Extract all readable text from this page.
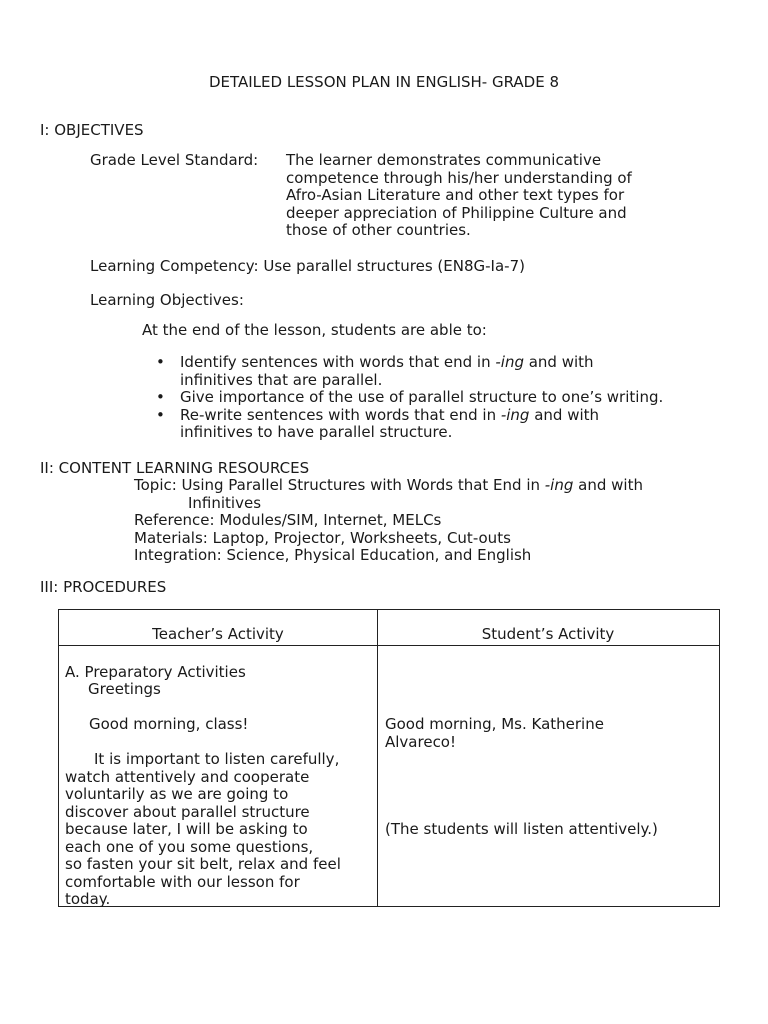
DETAILED LESSON PLAN IN ENGLISH- GRADE 8
I: OBJECTIVES
Grade Level Standard: The learner demonstrates communicative
competence through his/her understanding of
Afro-Asian Literature and other text types for
deeper appreciation of Philippine Culture and
those of other countries.
Learning Competency: Use parallel structures (EN8G-Ia-7)
Learning Objectives:
At the end of the lesson, students are able to:
• Identify sentences with words that end in -ing and with
infinitives that are parallel.
• Give importance of the use of parallel structure to one’s writing.
• Re-write sentences with words that end in -ing and with
infinitives to have parallel structure.
II: CONTENT LEARNING RESOURCES
Topic: Using Parallel Structures with Words that End in -ing and with
Infinitives
Reference: Modules/SIM, Internet, MELCs
Materials: Laptop, Projector, Worksheets, Cut-outs
Integration: Science, Physical Education, and English
III: PROCEDURES
Teacher’s Activity	Student’s Activity
A. Preparatory Activities
Greetings
Good morning, class!	Good morning, Ms. Katherine
Alvareco!
It is important to listen carefully,
watch attentively and cooperate
voluntarily as we are going to
discover about parallel structure
because later, I will be asking to
each one of you some questions,
so fasten your sit belt, relax and feel
comfortable with our lesson for
today.
(The students will listen attentively.)
